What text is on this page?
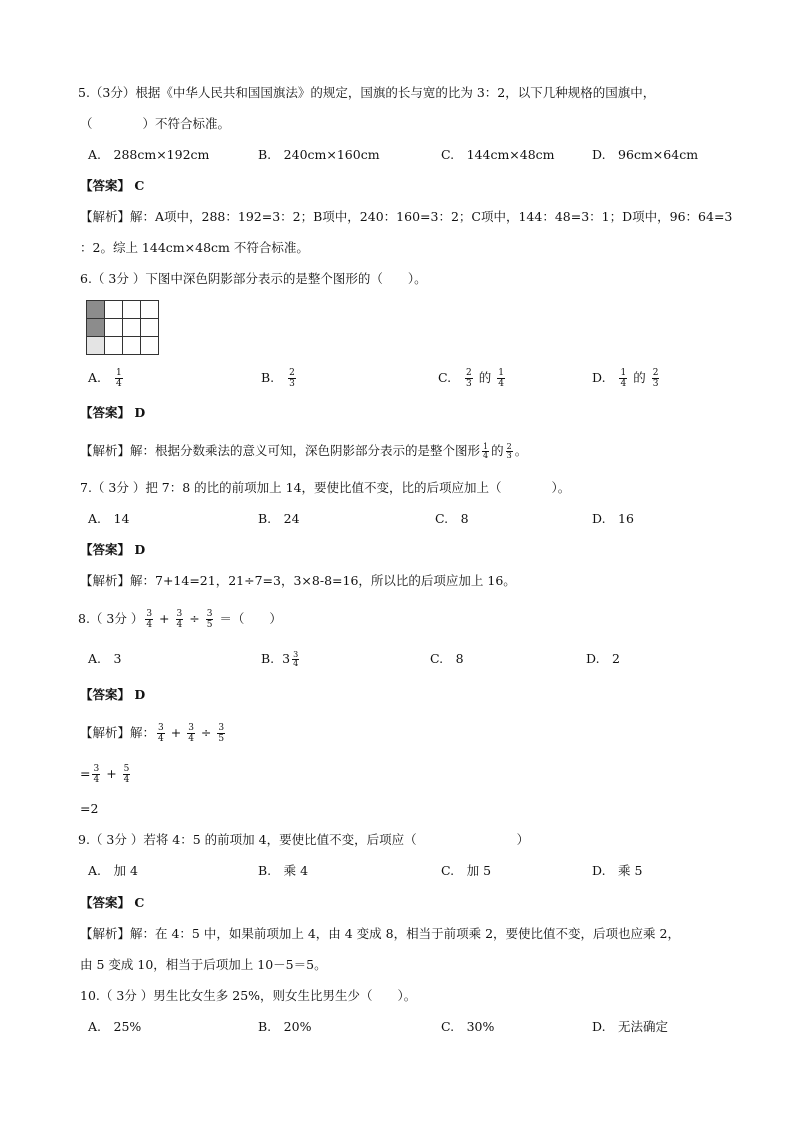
5.（3分）根据《中华人民共和国国旗法》的规定，国旗的长与宽的比为 3：2，以下几种规格的国旗中，
（　　　　）不符合标准。
A.　288cm×192cm	B.　240cm×160cm	C.　144cm×48cm	D.　96cm×64cm
【答案】 C
【解析】解：A项中，288：192=3：2；B项中，240：160=3：2；C项中，144：48=3：1；D项中，96：64=3
：2。综上 144cm×48cm 不符合标准。
6.（ 3分 ）下图中深色阴影部分表示的是整个图形的（　　）。

A. $\frac{1}{4}$	B. $\frac{2}{3}$	C. $\frac{2}{3}$ 的 $\frac{1}{4}$	D. $\frac{1}{4}$ 的 $\frac{2}{3}$
【答案】 D
【解析】解：根据分数乘法的意义可知，深色阴影部分表示的是整个图形 $\frac{1}{4}$ 的 $\frac{2}{3}$ 。
7.（ 3分 ）把 7：8 的比的前项加上 14，要使比值不变，比的后项应加上（　　　　）。
A.　14	B.　24	C.　8	D.　16
【答案】 D
【解析】解：7+14=21，21÷7=3，3×8-8=16，所以比的后项应加上 16。
8.（ 3分 ） $\frac{3}{4} + \frac{3}{4} \div \frac{3}{5}$ ＝（　　）
A.　3	B. $3 \frac{3}{4}$	C.　8	D.　2
【答案】 D
【解析】解： $\frac{3}{4} + \frac{3}{4} \div \frac{3}{5}$
= $\frac{3}{4} + \frac{5}{4}$
=2
9.（ 3分 ）若将 4：5 的前项加 4，要使比值不变，后项应（　　　　　　　　）
A.　加 4	B.　乘 4	C.　加 5	D.　乘 5
【答案】 C
【解析】解：在 4：5 中，如果前项加上 4，由 4 变成 8，相当于前项乘 2，要使比值不变，后项也应乘 2，
由 5 变成 10，相当于后项加上 10－5＝5。
10.（ 3分 ）男生比女生多 25%，则女生比男生少（　　）。
A.　25%	B.　20%	C.　30%	D.　无法确定
